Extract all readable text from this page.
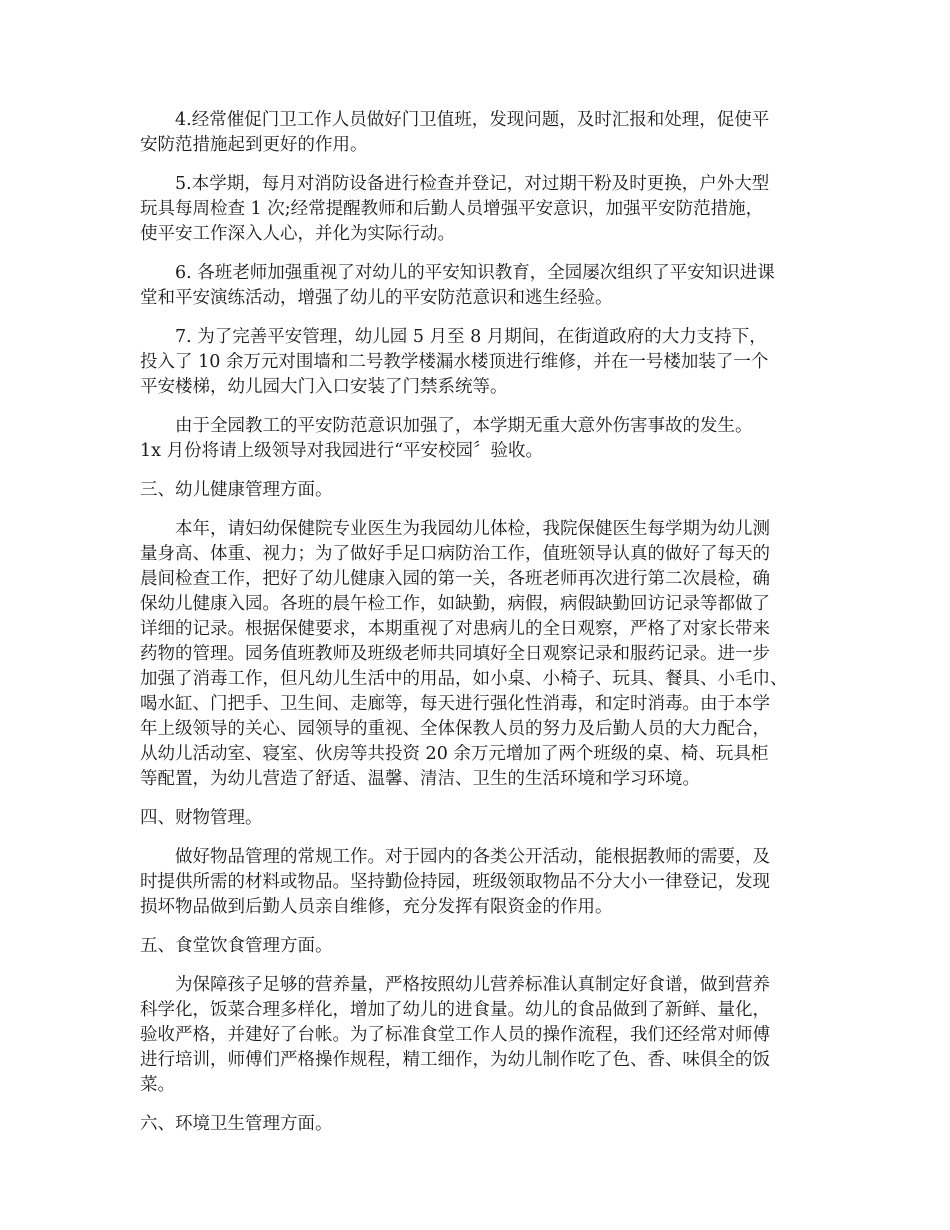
4.经常催促门卫工作人员做好门卫值班，发现问题，及时汇报和处理，促使平
安防范措施起到更好的作用。
5.本学期，每月对消防设备进行检查并登记，对过期干粉及时更换，户外大型
玩具每周检查 1 次;经常提醒教师和后勤人员增强平安意识，加强平安防范措施，
使平安工作深入人心，并化为实际行动。
6. 各班老师加强重视了对幼儿的平安知识教育，全园屡次组织了平安知识进课
堂和平安演练活动，增强了幼儿的平安防范意识和逃生经验。
7. 为了完善平安管理，幼儿园 5 月至 8 月期间，在街道政府的大力支持下，
投入了 10 余万元对围墙和二号教学楼漏水楼顶进行维修，并在一号楼加装了一个
平安楼梯，幼儿园大门入口安装了门禁系统等。
由于全园教工的平安防范意识加强了，本学期无重大意外伤害事故的发生。
1x 月份将请上级领导对我园进行“平安校园〞验收。
三、幼儿健康管理方面。
本年，请妇幼保健院专业医生为我园幼儿体检，我院保健医生每学期为幼儿测
量身高、体重、视力；为了做好手足口病防治工作，值班领导认真的做好了每天的
晨间检查工作，把好了幼儿健康入园的第一关，各班老师再次进行第二次晨检，确
保幼儿健康入园。各班的晨午检工作，如缺勤，病假，病假缺勤回访记录等都做了
详细的记录。根据保健要求，本期重视了对患病儿的全日观察，严格了对家长带来
药物的管理。园务值班教师及班级老师共同填好全日观察记录和服药记录。进一步
加强了消毒工作，但凡幼儿生活中的用品，如小桌、小椅子、玩具、餐具、小毛巾、
喝水缸、门把手、卫生间、走廊等，每天进行强化性消毒，和定时消毒。由于本学
年上级领导的关心、园领导的重视、全体保教人员的努力及后勤人员的大力配合，
从幼儿活动室、寝室、伙房等共投资 20 余万元增加了两个班级的桌、椅、玩具柜
等配置，为幼儿营造了舒适、温馨、清洁、卫生的生活环境和学习环境。
四、财物管理。
做好物品管理的常规工作。对于园内的各类公开活动，能根据教师的需要，及
时提供所需的材料或物品。坚持勤俭持园，班级领取物品不分大小一律登记，发现
损坏物品做到后勤人员亲自维修，充分发挥有限资金的作用。
五、食堂饮食管理方面。
为保障孩子足够的营养量，严格按照幼儿营养标准认真制定好食谱，做到营养
科学化，饭菜合理多样化，增加了幼儿的进食量。幼儿的食品做到了新鲜、量化，
验收严格，并建好了台帐。为了标准食堂工作人员的操作流程，我们还经常对师傅
进行培训，师傅们严格操作规程，精工细作，为幼儿制作吃了色、香、味俱全的饭
菜。
六、环境卫生管理方面。
